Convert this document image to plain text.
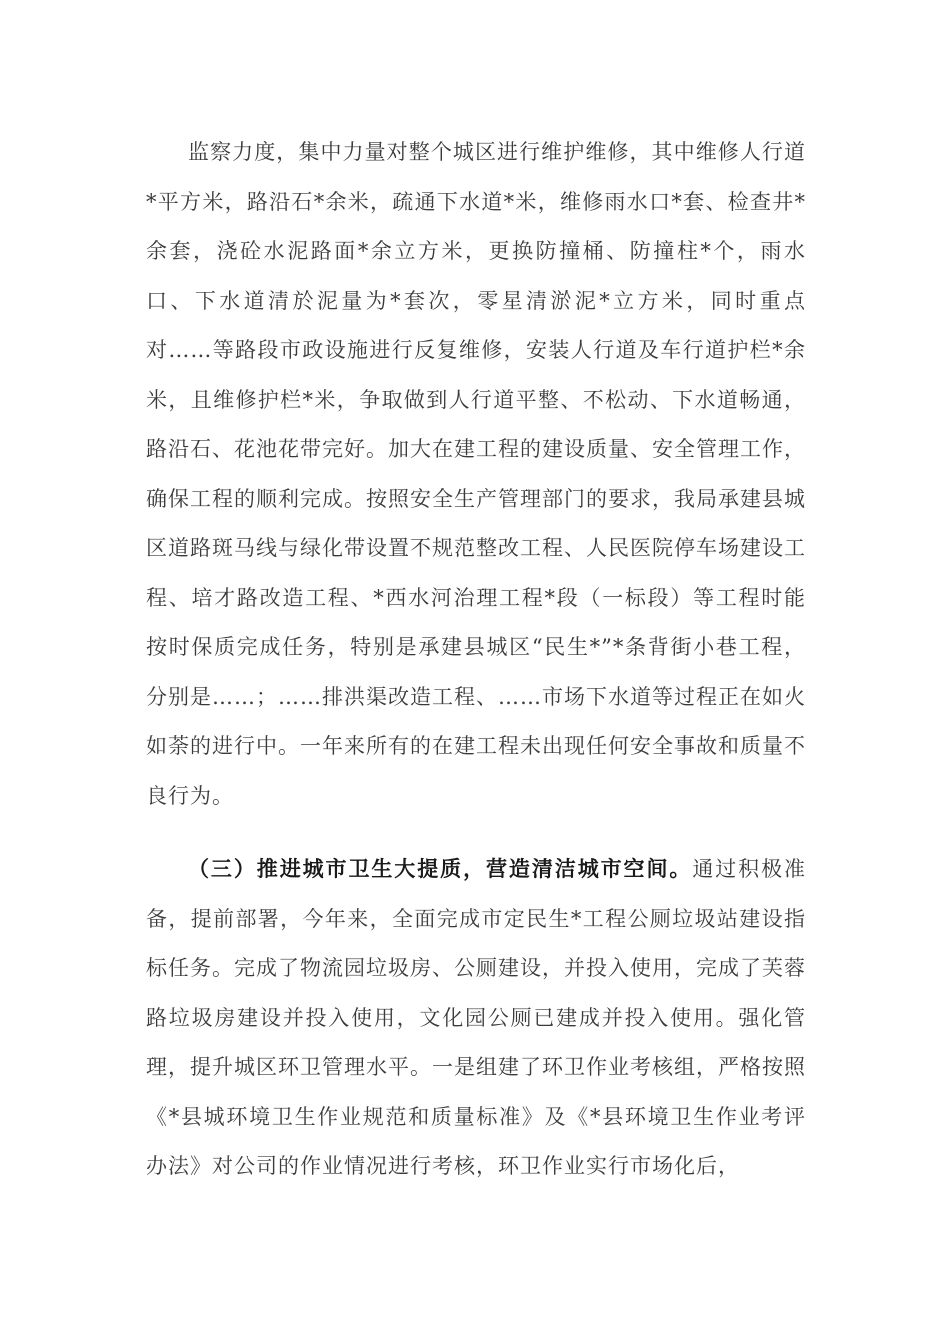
监察力度，集中力量对整个城区进行维护维修，其中维修人行道*平方米，路沿石*余米，疏通下水道*米，维修雨水口*套、检查井*余套，浇砼水泥路面*余立方米，更换防撞桶、防撞柱*个，雨水口、下水道清於泥量为*套次，零星清淤泥*立方米，同时重点对……等路段市政设施进行反复维修，安装人行道及车行道护栏*余米，且维修护栏*米，争取做到人行道平整、不松动、下水道畅通，路沿石、花池花带完好。加大在建工程的建设质量、安全管理工作，确保工程的顺利完成。按照安全生产管理部门的要求，我局承建县城区道路斑马线与绿化带设置不规范整改工程、人民医院停车场建设工程、培才路改造工程、*西水河治理工程*段（一标段）等工程时能按时保质完成任务，特别是承建县城区“民生*”*条背街小巷工程，分别是……；……排洪渠改造工程、……市场下水道等过程正在如火如荼的进行中。一年来所有的在建工程未出现任何安全事故和质量不良行为。

（三）推进城市卫生大提质，营造清洁城市空间。通过积极准备，提前部署，今年来，全面完成市定民生*工程公厕垃圾站建设指标任务。完成了物流园垃圾房、公厕建设，并投入使用，完成了芙蓉路垃圾房建设并投入使用，文化园公厕已建成并投入使用。强化管理，提升城区环卫管理水平。一是组建了环卫作业考核组，严格按照《*县城环境卫生作业规范和质量标准》及《*县环境卫生作业考评办法》对公司的作业情况进行考核，环卫作业实行市场化后，
